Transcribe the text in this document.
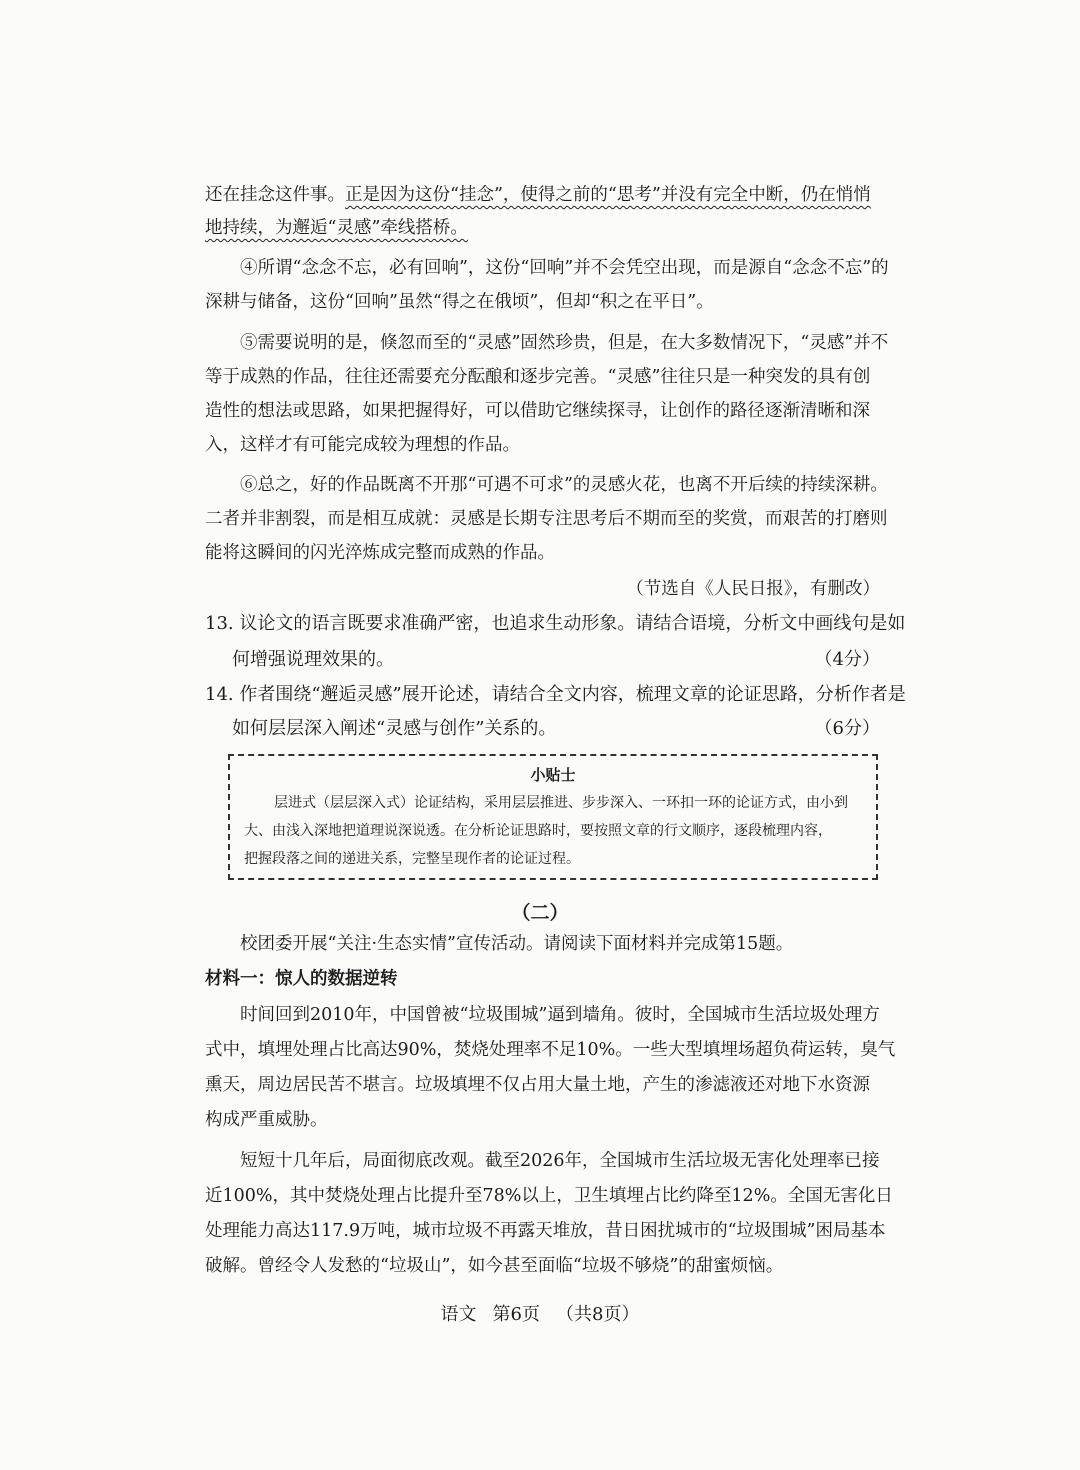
还在挂念这件事。正是因为这份“挂念”，使得之前的“思考”并没有完全中断，仍在悄悄
地持续，为邂逅“灵感”牵线搭桥。
④所谓“念念不忘，必有回响”，这份“回响”并不会凭空出现，而是源自“念念不忘”的
深耕与储备，这份“回响”虽然“得之在俄顷”，但却“积之在平日”。
⑤需要说明的是，倏忽而至的“灵感”固然珍贵，但是，在大多数情况下，“灵感”并不
等于成熟的作品，往往还需要充分酝酿和逐步完善。“灵感”往往只是一种突发的具有创
造性的想法或思路，如果把握得好，可以借助它继续探寻，让创作的路径逐渐清晰和深
入，这样才有可能完成较为理想的作品。
⑥总之，好的作品既离不开那“可遇不可求”的灵感火花，也离不开后续的持续深耕。
二者并非割裂，而是相互成就：灵感是长期专注思考后不期而至的奖赏，而艰苦的打磨则
能将这瞬间的闪光淬炼成完整而成熟的作品。
（节选自《人民日报》，有删改）
13. 议论文的语言既要求准确严密，也追求生动形象。请结合语境，分析文中画线句是如
何增强说理效果的。	（4分）
14. 作者围绕“邂逅灵感”展开论述，请结合全文内容，梳理文章的论证思路，分析作者是
如何层层深入阐述“灵感与创作”关系的。	（6分）
小贴士
层进式（层层深入式）论证结构，采用层层推进、步步深入、一环扣一环的论证方式，由小到
大、由浅入深地把道理说深说透。在分析论证思路时，要按照文章的行文顺序，逐段梳理内容，
把握段落之间的递进关系，完整呈现作者的论证过程。
（二）
校团委开展“关注·生态实情”宣传活动。请阅读下面材料并完成第15题。
材料一：惊人的数据逆转
时间回到2010年，中国曾被“垃圾围城”逼到墙角。彼时，全国城市生活垃圾处理方
式中，填埋处理占比高达90%，焚烧处理率不足10%。一些大型填埋场超负荷运转，臭气
熏天，周边居民苦不堪言。垃圾填埋不仅占用大量土地，产生的渗滤液还对地下水资源
构成严重威胁。
短短十几年后，局面彻底改观。截至2026年，全国城市生活垃圾无害化处理率已接
近100%，其中焚烧处理占比提升至78%以上，卫生填埋占比约降至12%。全国无害化日
处理能力高达117.9万吨，城市垃圾不再露天堆放，昔日困扰城市的“垃圾围城”困局基本
破解。曾经令人发愁的“垃圾山”，如今甚至面临“垃圾不够烧”的甜蜜烦恼。
语文 第6页 （共8页）
